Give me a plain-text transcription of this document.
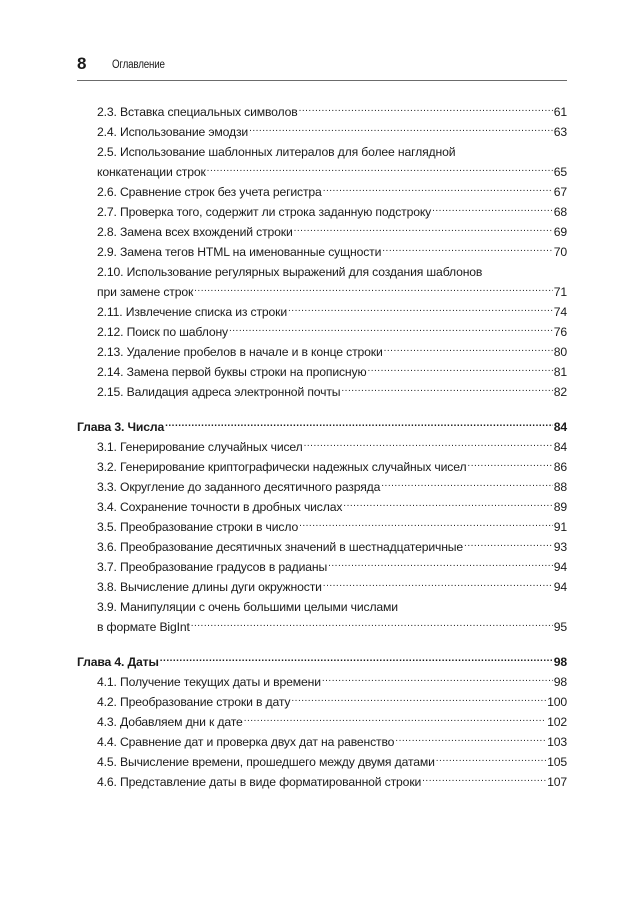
8 Оглавление
2.3. Вставка специальных символов .....	61
2.4. Использование эмодзи .....	63
2.5. Использование шаблонных литералов для более наглядной
конкатенации строк .....	65
2.6. Сравнение строк без учета регистра .....	67
2.7. Проверка того, содержит ли строка заданную подстроку .....	68
2.8. Замена всех вхождений строки .....	69
2.9. Замена тегов HTML на именованные сущности .....	70
2.10. Использование регулярных выражений для создания шаблонов
при замене строк .....	71
2.11. Извлечение списка из строки .....	74
2.12. Поиск по шаблону .....	76
2.13. Удаление пробелов в начале и в конце строки .....	80
2.14. Замена первой буквы строки на прописную .....	81
2.15. Валидация адреса электронной почты .....	82
Глава 3. Числа .....	84
3.1. Генерирование случайных чисел .....	84
3.2. Генерирование криптографически надежных случайных чисел .....	86
3.3. Округление до заданного десятичного разряда .....	88
3.4. Сохранение точности в дробных числах .....	89
3.5. Преобразование строки в число .....	91
3.6. Преобразование десятичных значений в шестнадцатеричные .....	93
3.7. Преобразование градусов в радианы .....	94
3.8. Вычисление длины дуги окружности .....	94
3.9. Манипуляции с очень большими целыми числами
в формате BigInt .....	95
Глава 4. Даты .....	98
4.1. Получение текущих даты и времени .....	98
4.2. Преобразование строки в дату .....	100
4.3. Добавляем дни к дате .....	102
4.4. Сравнение дат и проверка двух дат на равенство .....	103
4.5. Вычисление времени, прошедшего между двумя датами .....	105
4.6. Представление даты в виде форматированной строки .....	107
